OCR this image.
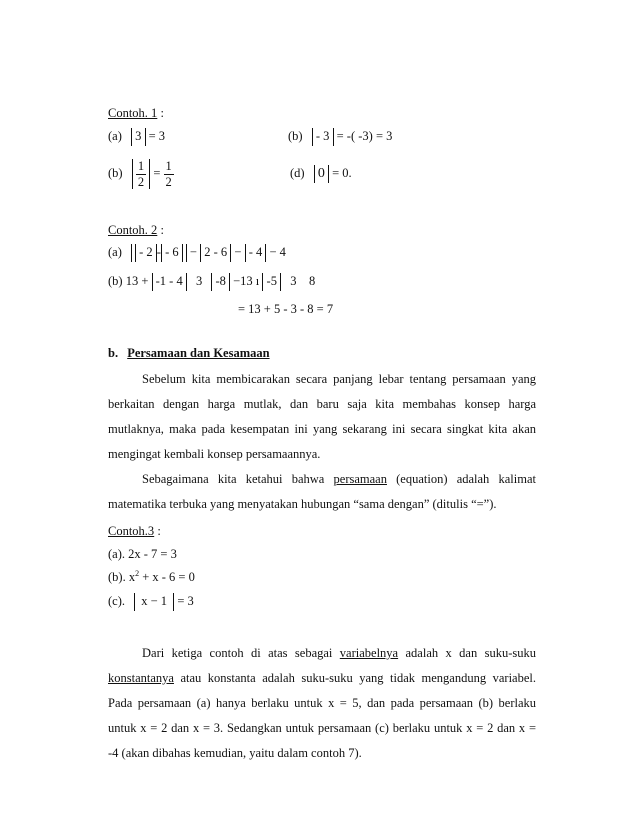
Contoh. 1 :
(a) 3 = 3	(b) - 3 = -( -3) = 3
$(b) \frac{1}{2} = \frac{1}{2}$	(d) 0 = 0.
Contoh. 2 :
(a) - 2 - - 6 − 2 - 6 − - 4 − 4
(b) 13 + -1 - 4 3 -8 −13 ı -5 3    8
= 13 + 5 - 3 - 8 = 7
b. Persamaan dan Kesamaan
Sebelum kita membicarakan secara panjang lebar tentang persamaan yang berkaitan dengan harga mutlak, dan baru saja kita membahas konsep harga mutlaknya, maka pada kesempatan ini yang sekarang ini secara singkat kita akan mengingat kembali konsep persamaannya.
Sebagaimana kita ketahui bahwa persamaan (equation) adalah kalimat matematika terbuka yang menyatakan hubungan “sama dengan” (ditulis “=”).
Contoh.3 :
(a). 2x - 7 = 3
(b). $x^2 + x - 6 = 0$
(c). x − 1 = 3
Dari ketiga contoh di atas sebagai variabelnya adalah x dan suku-suku konstantanya atau konstanta adalah suku-suku yang tidak mengandung variabel. Pada persamaan (a) hanya berlaku untuk x = 5, dan pada persamaan (b) berlaku untuk x = 2 dan x = 3. Sedangkan untuk persamaan (c) berlaku untuk x = 2 dan x = -4 (akan dibahas kemudian, yaitu dalam contoh 7).
